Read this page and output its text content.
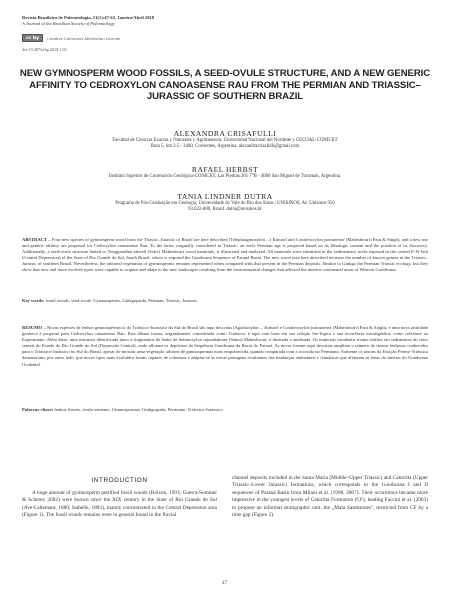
Revista Brasileira de Paleontologia, 21(1):47-62, Janeiro/Abril 2018
A Journal of the Brazilian Society of Paleontology
cc by Creative Commons Attribution License
doi:10.4072/rbp.2018.1.03
NEW GYMNOSPERM WOOD FOSSILS, A SEED-OVULE STRUCTURE, AND A NEW GENERIC AFFINITY TO CEDROXYLON CANOASENSE RAU FROM THE PERMIAN AND TRIASSIC–JURASSIC OF SOUTHERN BRAZIL
ALEXANDRA CRISAFULLI
Facultad de Ciencias Exactas y Naturales y Agrimensura, Universidad Nacional del Nordeste y CECOAL-CONICET
Ruta 5, km 2.5 - 3400, Corrientes, Argentina. alexandracrisafulli@gmail.com
RAFAEL HERBST
Instituto Superior de Correlación Geológica-CONICET, Las Piedras 201 7°B - 4000 San Miguel de Tucumán, Argentina.
TANIA LINDNER DUTRA
Programa de Pós-Graduação em Geologia, Universidade do Vale do Rio dos Sinos / UNISINOS, Av. Unisinos 950
93.022-000, Brasil. dutra@unisinos.br
ABSTRACT – Four new species of gymnosperm wood from the Triassic–Jurassic of Brazil are here described (Telephragmoxylon ...) Kräusel and Coniferoxylon juncunense (Maheshwari) Pant & Singh), and a new use and generic affinity are proposed for Cedroxylon canoasense Rau. To the latter, originally considered as Triassic, an early Permian age is proposed based on its lithologic content and the position of its discovery. Additionally, a seed-ovule structure linked to Noeggerathia saheeli (Salvi) Maheshwari wood materials, is illustrated and analyzed. All materials were identified in the sedimentary rocks exposed in the central E-W belt (Central Depression) of the State of Rio Grande do Sul, South Brazil, where is exposed the Gondwana Sequence of Paraná Basin. The new wood taxa here described increase the number of known genera in the Triassic–Jurassic of southern Brazil. Nevertheless, the arboreal vegetation of gymnosperms remains represented when compared with that present in the Permian deposits. Similar to Ginkgo the Permian Triassic ecology, but they show that new and more evolved types were capable to acquire and adapt to the new landscapes resulting from the environmental changes that affected the interior continental areas of Western Gondwana.
Key words: fossil woods, seed-ovule, Gymnosperms, Ginkgopsida, Permian, Triassic, Jurassic.
RESUMO – Novas espécies de lenhos gimnospérmicos do Triássico-Jurássico do Sul do Brasil são aqui descritas (Agathoxylon ... Kräusel e Coniferoxylon juncunense (Maheshwari) Pant & Singh), e uma nova afinidade genérica é proposta para Cedroxylon canoasense Rau. Esta última forma, originalmente considerada como Triássica, é aqui com base em sua relação lito-lógica e sua ocorrência estratigráfica, como referente ao Eopermiano. Além disto, uma estrutura identificada junto a fragmentos de lenho de Sahnioxylon rajmahalense (Sahni) Maheshwari, é ilustrada e analisada. Os materiais estudados foram obtidos em sedimentos do setor central do Estado do Rio Grande do Sul (Depressão Central), onde afloram os depósitos da Sequência Gondwana da Bacia do Paraná. As novas formas aqui descritas ampliam o número de táxons lenhosos conhecidos para o Triássico-Jurássico no Sul do Brasil, apesar de mostrar uma vegetação arbórea de gimnospermas mais empobrecida, quando comparada com a ocorrida no Permiano. Somente os táxons da Estação Permo-Triássica demonstram, por outro lado, que novos tipos mais evoluídos foram capazes de colonizar e adaptar-se às novas paisagens resultantes das mudanças ambientais e climáticas que afetaram as áreas do interior do Gondwana Ocidental.
Palavras-chave: lenhos fósseis, óvulo-semente, Gimnospermas, Ginkgopsida, Permiano, Triássico-Jurássico.
INTRODUCTION
A huge amount of gymnosperm petrified fossil woods (Bolzon, 1993; Guerra-Sommer & Scherer, 2002) were known since the XIX century in the State of Rio Grande do Sul (Ave-Lallemant, 1880; Isabelle, 1883), mainly concentrated in the Central Depression area (Figure 1). The fossil woods remains were in general found in the fluvial
channel deposits included in the Santa Maria (Middle–Upper Triassic) and Caturrita (Upper Triassic–Lower Jurassic) formations, which corresponds to the Gondwana I and II sequences of Paraná Basin from Milani et al. (1998, 2007). Their occurrence became more impressive in the youngest levels of Caturrita Formation (CF), leading Faccini et al. (2003) to propose an informal stratigraphic unit, the „Mata Sandstones", restricted from CF by a time gap (Figure 2).
47
